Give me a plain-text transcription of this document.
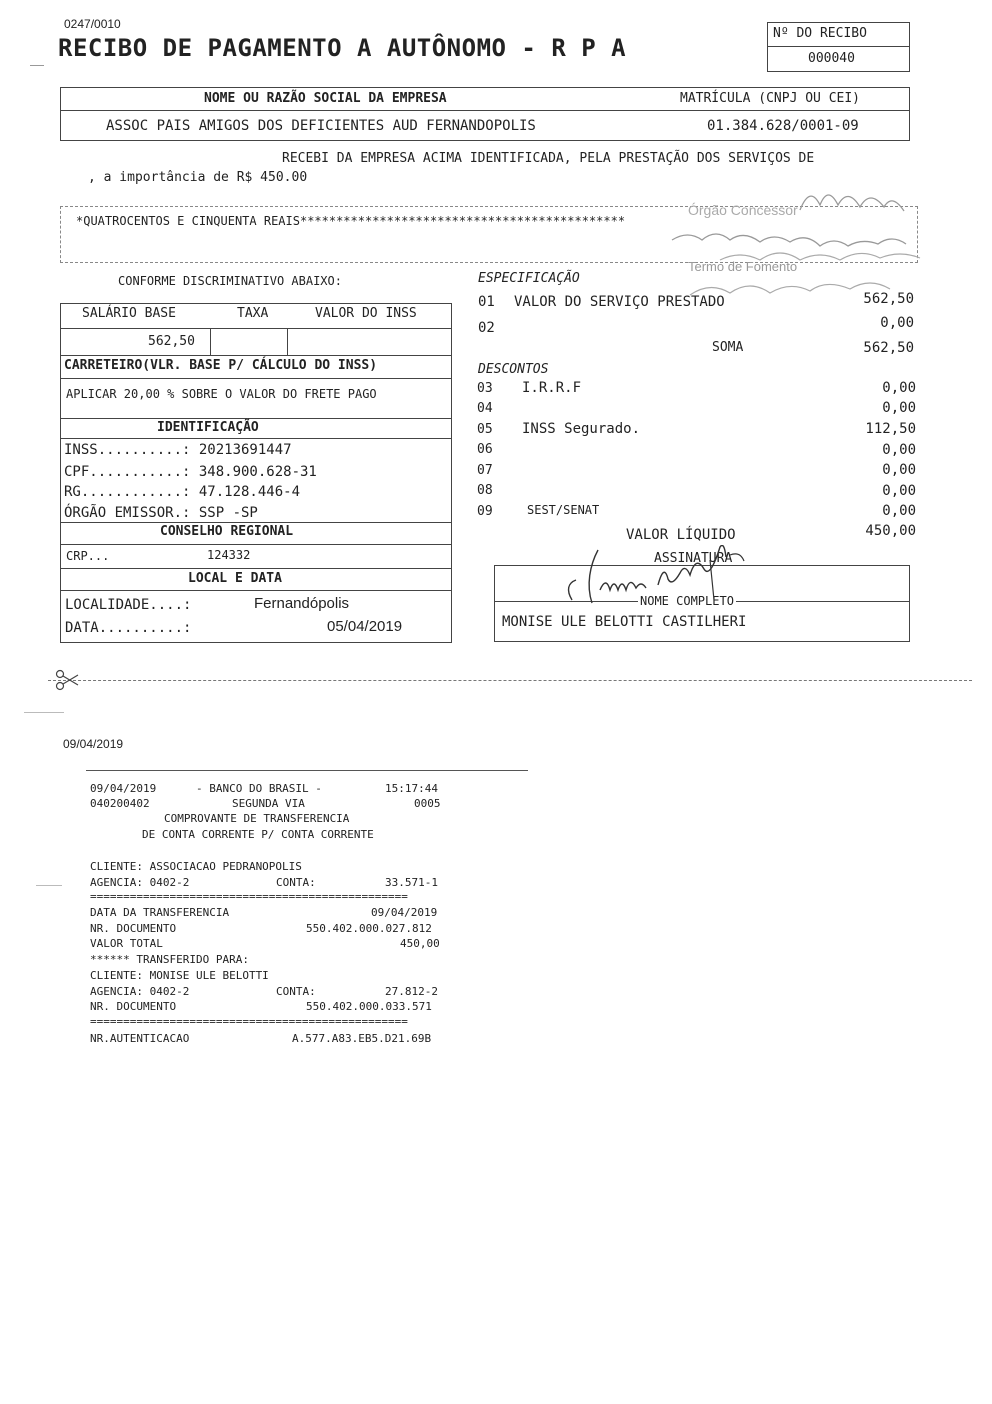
0247/0010
RECIBO DE PAGAMENTO A AUTÔNOMO - R P A
Nº DO RECIBO
000040
NOME OU RAZÃO SOCIAL DA EMPRESA	MATRÍCULA (CNPJ OU CEI)
ASSOC PAIS AMIGOS DOS DEFICIENTES AUD FERNANDOPOLIS	01.384.628/0001-09
RECEBI DA EMPRESA ACIMA IDENTIFICADA, PELA PRESTAÇÃO DOS SERVIÇOS DE
, a importância de R$ 450.00
*QUATROCENTOS E CINQUENTA REAIS*********************************************
CONFORME DISCRIMINATIVO ABAIXO:
SALÁRIO BASE	TAXA	VALOR DO INSS
562,50
CARRETEIRO(VLR. BASE P/ CÁLCULO DO INSS)
APLICAR 20,00 % SOBRE O VALOR DO FRETE PAGO
IDENTIFICAÇÃO
INSS..........: 20213691447
CPF...........: 348.900.628-31
RG............: 47.128.446-4
ÓRGÃO EMISSOR.: SSP -SP
CONSELHO REGIONAL
CRP...	124332
LOCAL E DATA
LOCALIDADE....:	Fernandópolis
DATA..........:	05/04/2019
ESPECIFICAÇÃO
01 VALOR DO SERVIÇO PRESTADO	562,50
02	0,00
SOMA	562,50
DESCONTOS
03 I.R.R.F	0,00
04	0,00
05 INSS Segurado.	112,50
06	0,00
07	0,00
08	0,00
09	SEST/SENAT	0,00
VALOR LÍQUIDO	450,00
ASSINATURA
NOME COMPLETO
MONISE ULE BELOTTI CASTILHERI
Órgão Concessor
Termo de Fomento
09/04/2019
09/04/2019	- BANCO DO BRASIL -	15:17:44
040200402	SEGUNDA VIA	0005
COMPROVANTE DE TRANSFERENCIA
DE CONTA CORRENTE P/ CONTA CORRENTE
CLIENTE: ASSOCIACAO PEDRANOPOLIS
AGENCIA: 0402-2	CONTA:	33.571-1
================================================
DATA DA TRANSFERENCIA	09/04/2019
NR. DOCUMENTO	550.402.000.027.812
VALOR TOTAL	450,00
****** TRANSFERIDO PARA:
CLIENTE: MONISE ULE BELOTTI
AGENCIA: 0402-2	CONTA:	27.812-2
NR. DOCUMENTO	550.402.000.033.571
================================================
NR.AUTENTICACAO	A.577.A83.EB5.D21.69B
